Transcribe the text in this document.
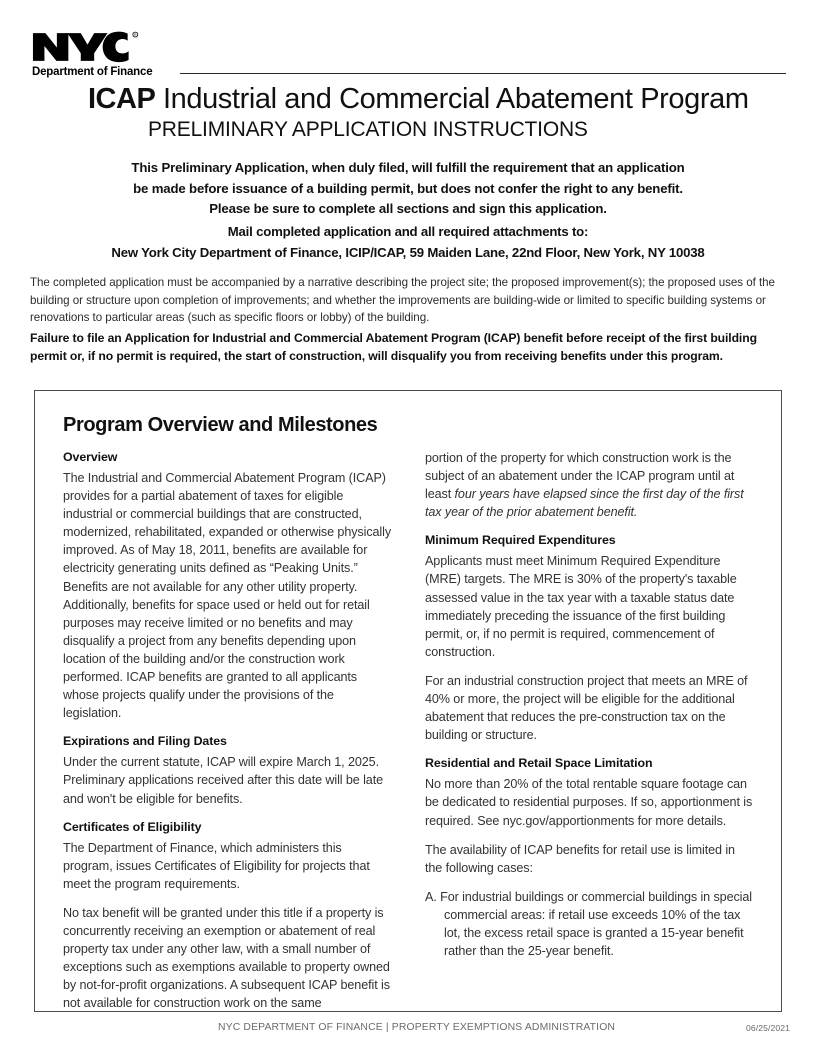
R
Department of Finance
ICAP Industrial and Commercial Abatement Program
PRELIMINARY APPLICATION INSTRUCTIONS
This Preliminary Application, when duly filed, will fulfill the requirement that an application
be made before issuance of a building permit, but does not confer the right to any benefit.
Please be sure to complete all sections and sign this application.
Mail completed application and all required attachments to:
New York City Department of Finance, ICIP/ICAP, 59 Maiden Lane, 22nd Floor, New York, NY 10038
The completed application must be accompanied by a narrative describing the project site; the proposed improvement(s); the proposed uses of the building or structure upon completion of improvements; and whether the improvements are building-wide or limited to specific building systems or renovations to particular areas (such as specific floors or lobby) of the building.
Failure to file an Application for Industrial and Commercial Abatement Program (ICAP) benefit before receipt of the first building permit or, if no permit is required, the start of construction, will disqualify you from receiving benefits under this program.
Program Overview and Milestones
Overview

The Industrial and Commercial Abatement Program (ICAP) provides for a partial abatement of taxes for eligible industrial or commercial buildings that are constructed, modernized, rehabilitated, expanded or otherwise physically improved. As of May 18, 2011, benefits are available for electricity generating units defined as “Peaking Units.” Benefits are not available for any other utility property. Additionally, benefits for space used or held out for retail purposes may receive limited or no benefits and may disqualify a project from any benefits depending upon location of the building and/or the construction work performed. ICAP benefits are granted to all applicants whose projects qualify under the provisions of the legislation.

Expirations and Filing Dates

Under the current statute, ICAP will expire March 1, 2025. Preliminary applications received after this date will be late and won't be eligible for benefits.

Certificates of Eligibility

The Department of Finance, which administers this program, issues Certificates of Eligibility for projects that meet the program requirements.

No tax benefit will be granted under this title if a property is concurrently receiving an exemption or abatement of real property tax under any other law, with a small number of exceptions such as exemptions available to property owned by not-for-profit organizations. A subsequent ICAP benefit is not available for construction work on the same

portion of the property for which construction work is the subject of an abatement under the ICAP program until at least four years have elapsed since the first day of the first tax year of the prior abatement benefit.

Minimum Required Expenditures

Applicants must meet Minimum Required Expenditure (MRE) targets. The MRE is 30% of the property's taxable assessed value in the tax year with a taxable status date immediately preceding the issuance of the first building permit, or, if no permit is required, commencement of construction.

For an industrial construction project that meets an MRE of 40% or more, the project will be eligible for the additional abatement that reduces the pre-construction tax on the building or structure.

Residential and Retail Space Limitation

No more than 20% of the total rentable square footage can be dedicated to residential purposes. If so, apportionment is required. See nyc.gov/apportionments for more details.

The availability of ICAP benefits for retail use is limited in the following cases:

A. For industrial buildings or commercial buildings in special commercial areas: if retail use exceeds 10% of the tax lot, the excess retail space is granted a 15-year benefit rather than the 25-year benefit.

NYC DEPARTMENT OF FINANCE | PROPERTY EXEMPTIONS ADMINISTRATION	06/25/2021
